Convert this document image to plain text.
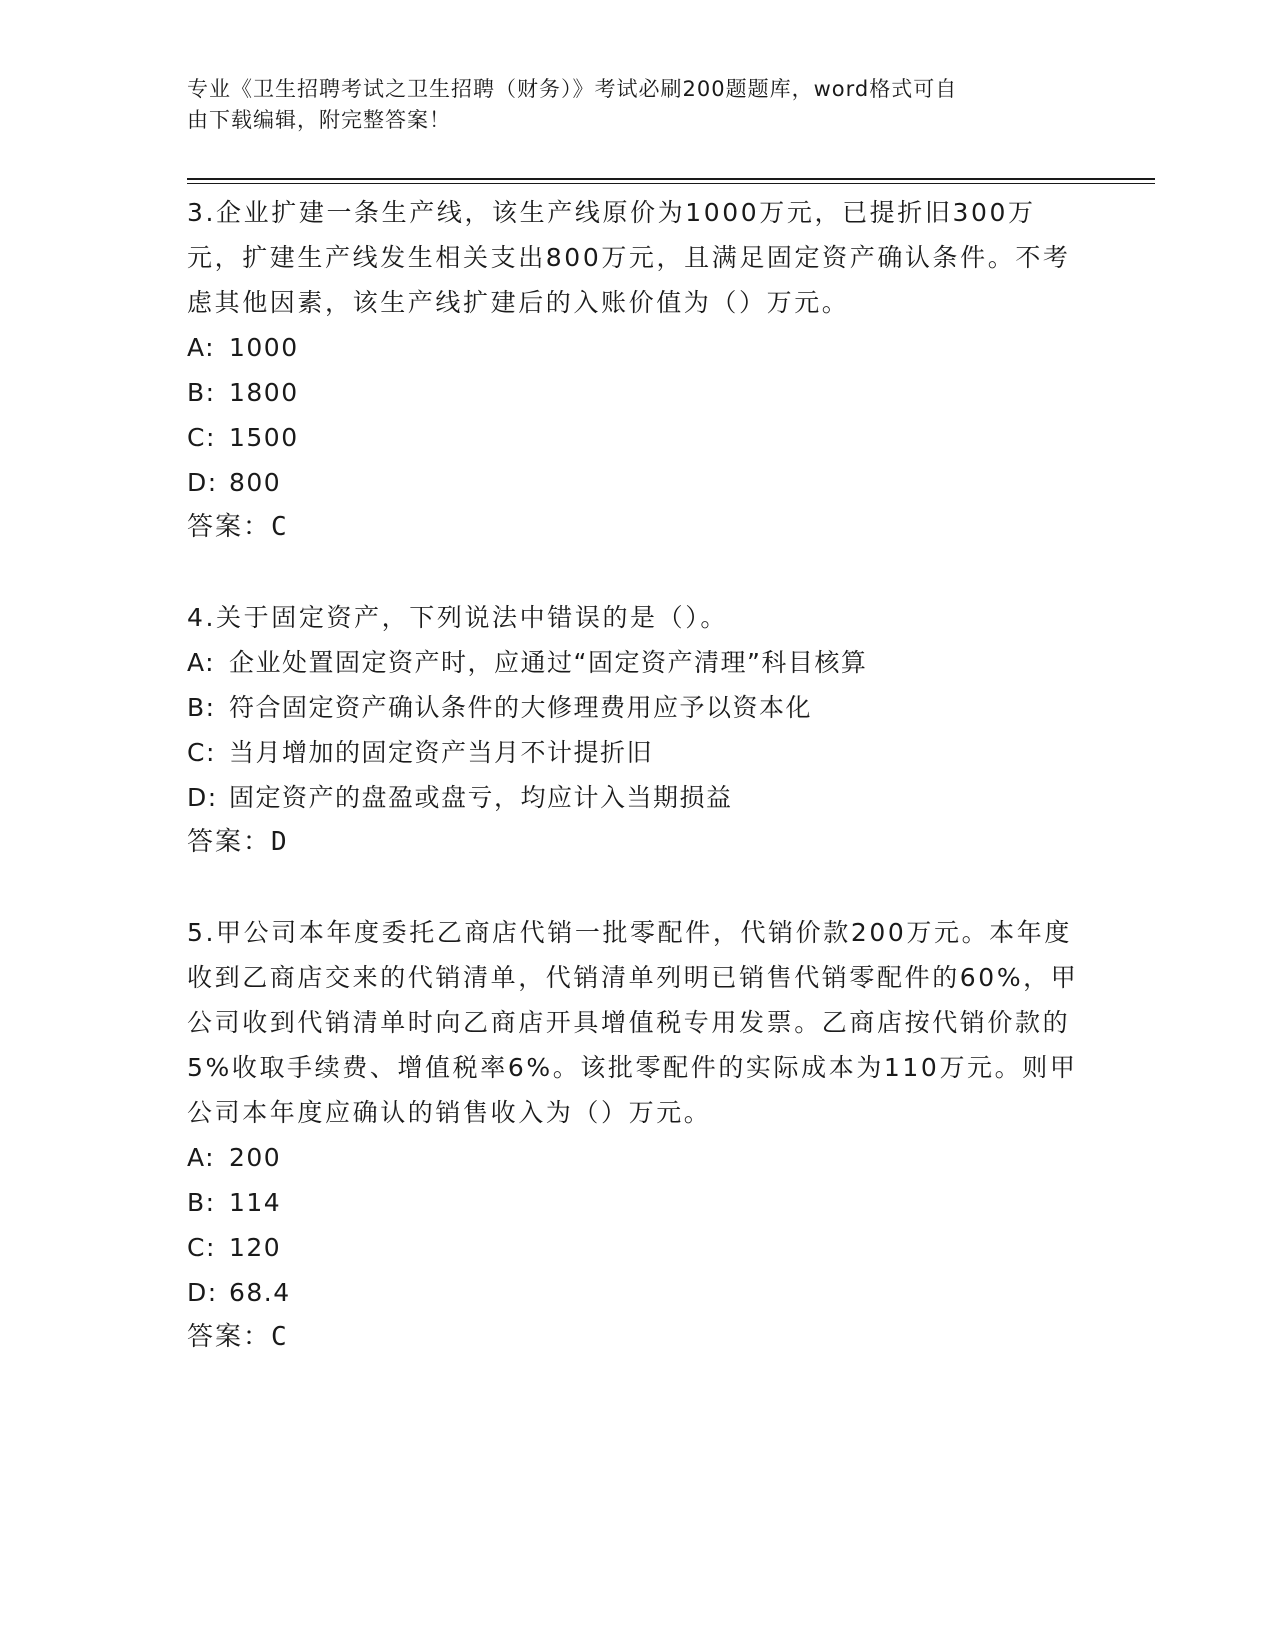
专业《卫生招聘考试之卫生招聘（财务）》考试必刷200题题库，word格式可自
由下载编辑，附完整答案！

3.企业扩建一条生产线，该生产线原价为1000万元，已提折旧300万元，扩建生产线发生相关支出800万元，且满足固定资产确认条件。不考虑其他因素，该生产线扩建后的入账价值为（）万元。

A: 1000
B: 1800
C: 1500
D: 800
答案：C

4.关于固定资产，下列说法中错误的是（）。

A: 企业处置固定资产时，应通过“固定资产清理”科目核算
B: 符合固定资产确认条件的大修理费用应予以资本化
C: 当月增加的固定资产当月不计提折旧
D: 固定资产的盘盈或盘亏，均应计入当期损益
答案：D

5.甲公司本年度委托乙商店代销一批零配件，代销价款200万元。本年度收到乙商店交来的代销清单，代销清单列明已销售代销零配件的60%，甲公司收到代销清单时向乙商店开具增值税专用发票。乙商店按代销价款的5%收取手续费、增值税率6%。该批零配件的实际成本为110万元。则甲公司本年度应确认的销售收入为（）万元。

A: 200
B: 114
C: 120
D: 68.4
答案：C
